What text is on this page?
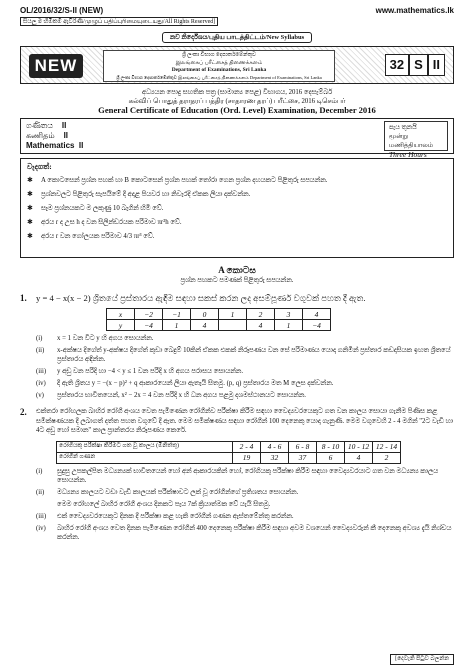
OL/2016/32/S-II (NEW)	www.mathematics.lk
සියලු ම හිමිකම් ඇවිරිණි/முழுப் பதிப்புரிமையுடையது/All Rights Reserved]
නව නිර්දේශය/புதிய பாடத்திட்டம்/New Syllabus
NEW
ශ්‍රී ලංකා විභාග දෙපාර්තමේන්තුව
இலங்கைப் பரீட்சைத் திணைக்களம்
Department of Examinations, Sri Lanka
ශ්‍රී ලංකා විභාග දෙපාර්තමේන්තුව இலங்கைப் பரீட்சைத் திணைக்களம் Department of Examinations, Sri Lanka
32 S II
අධ්‍යයන පොදු සහතික පත්‍ර (සාමාන්‍ය පෙළ) විභාගය, 2016 දෙසැම්බර්
கல்விப் பொதுத் தராதரப் பத்திர (சாதாரண தரப்) பரீட்சை, 2016 டிசெம்பர்
General Certificate of Education (Ord. Level) Examination, December 2016
ගණිතය II
கணிதம் II
Mathematics II
පැය තුනයි
மூன்று மணித்தியாலம்
Three Hours
වැදගත්:
✱	A කොටසෙන් ප්‍රශ්න පහක් හා B කොටසෙන් ප්‍රශ්න පහක් තෝරා ගෙන ප්‍රශ්න දහයකට පිළිතුරු සපයන්න.
✱	ප්‍රශ්නවලට පිළිතුරු සැපයීමේ දී අදාළ පියවර හා නිවැරදි ඒකක ලියා දක්වන්න.
✱	සෑම ප්‍රශ්නයකට ම ලකුණු 10 බැගින් හිමි වේ.
✱	අරය r ද උස h ද වන සිලින්ඩරයක පරිමාව πr²h වේ.
✱	අරය r වන ගෝලයක පරිමාව 4/3 πr³ වේ.
A කොටස
ප්‍රශ්න පහකට පමණක් පිළිතුරු සපයන්න.
1.	y = 4 − x(x − 2) ශ්‍රිතයේ ප්‍රස්තාරය ඇඳීම සඳහා සකස් කරන ලද අසම්පූර්ණ වගුවක් පහත දී ඇත.
x	−2	−1	0	1	2	3	4
y	−4	1	4		4	1	−4
(i)	x = 1 වන විට y හි අගය සොයන්න.
(ii)	x-අක්ෂය දිගේත් y-අක්ෂය දිගේත් කුඩා බෙදුම් 10කින් ඒකක එකක් නිරූපණය වන සේ පරිමාණය යොදා ගනිමින් ප්‍රස්තාර කඩදාසියක ඉහත ශ්‍රිතයේ ප්‍රස්තාරය අඳින්න.
(iii)	y අඩු වන පරිදි හා −4 < y ≤ 1 වන පරිදි x හි අගය පරාසය සොයන්න.
(iv)	දී ඇති ශ්‍රිතය y = −(x − p)² + q ආකාරයෙන් ලියා ඇතැයි සිතමු. (p, q) ප්‍රස්තාරය මත M ලෙස දක්වන්න.
(v)	ප්‍රස්තාරය භාවිතයෙන්, x² − 2x = 4 වන පරිදි x හි ධන අගය පළමු දශමස්ථානයට සොයන්න.
2.	එක්තරා රෝහලක බාහිර රෝගී අංශය වෙත පැමිණෙන රෝගීන්ව පරීක්ෂා කිරීම සඳහා වෛද්‍යවරයෙකුට ගත වන කාලය සොයා ගැනීම පිණිස කළ සමීක්ෂණයක දී ලබාගත් දත්ත පහත වගුවේ දී ඇත. මෙම සමීක්ෂණය සඳහා රෝගීන් 100 දෙනෙකු යොදා ගැනුණි. මෙම වගුවෙහි 2 - 4 මගින් "2ට වැඩි හා 4ට අඩු හෝ සමාන" කාල ප්‍රාන්තරය නිරූපණය කෙරේ.
රෝගියකු පරීක්ෂා කිරීමට ගත වූ කාලය (මිනිත්තු)	2 - 4	4 - 6	6 - 8	8 - 10	10 - 12	12 - 14
රෝගීන් ගණන	19	32	37	6	4	2
(i)	සුදුසු උපකල්පිත මධ්‍යන්‍යක් භාවිතයෙන් හෝ අන් ආකාරයකින් හෝ, රෝගියකු පරීක්ෂා කිරීම සඳහා වෛද්‍යවරයාට ගත වන මධ්‍යන්‍ය කාලය සොයන්න.
(ii)	මධ්‍යන්‍ය කාලයට වඩා වැඩි කාලයක් පරීක්ෂාවට ලක් වූ රෝගීන්ගේ ප්‍රතිශතය සොයන්න.
මෙම රෝහලේ බාහිර රෝගී අංශය දිනකට පැය 7ක් ක්‍රියාත්මක වේ යැයි සිතමු.
(iii)	එක් වෛද්‍යවරයෙකුට දිනක දී පරීක්ෂා කළ හැකි රෝගීන් ගණන ඇස්තමේන්තු කරන්න.
(iv)	බාහිර රෝගී අංශය වෙත දිනක පැමිණෙන රෝගීන් 400 දෙනෙකු පරීක්ෂා කිරීම සඳහා අවම වශයෙන් වෛද්‍යවරුන් කී දෙනෙකු අවශ්‍ය දැයි නිශ්චය කරන්න.
[දෙවැනි පිටුව බලන්න
